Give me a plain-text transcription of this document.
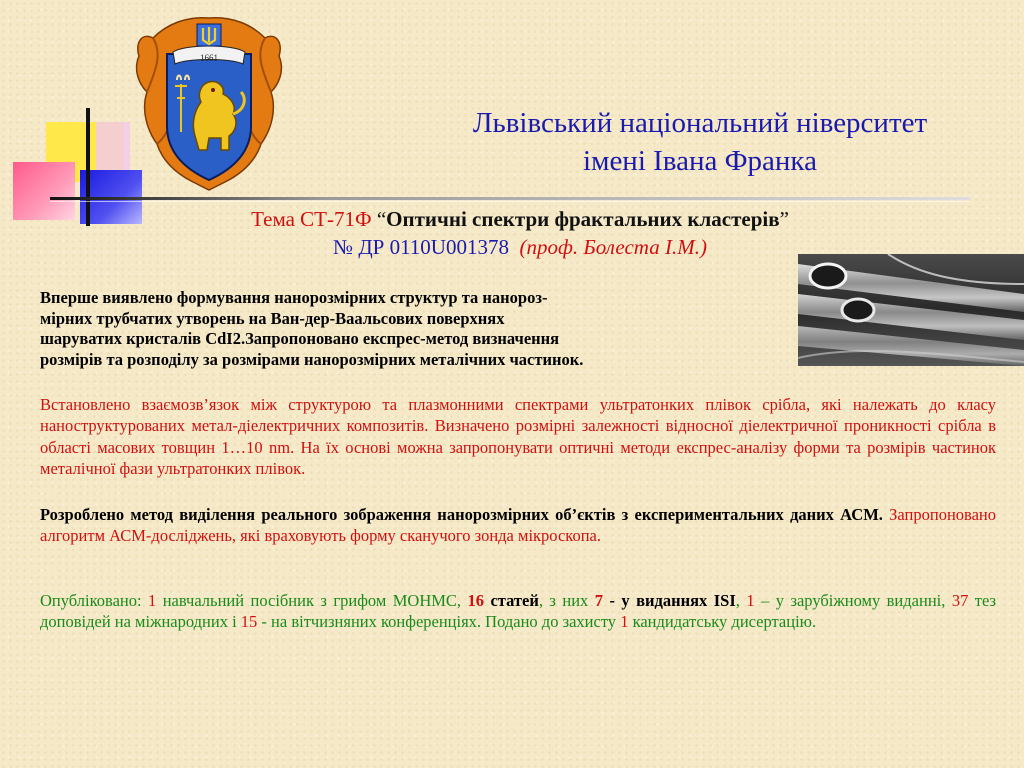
1661
Львівський національний ніверситет
імені Івана Франка
Тема СТ-71Ф “Оптичні спектри фрактальних кластерів”
№ ДР 0110U001378 (проф. Болеста І.М.)
Вперше виявлено формування нанорозмірних структур та нанороз-
мірних трубчатих утворень на Ван-дер-Ваальсових поверхнях
шаруватих кристалів CdI2.Запропоновано експрес-метод визначення
розмірів та розподілу за розмірами нанорозмірних металічних частинок.
Встановлено взаємозв’язок між структурою та плазмонними спектрами ультратонких плівок срібла, які належать до класу наноструктурованих метал-діелектричних композитів. Визначено розмірні залежності відносної діелектричної проникності срібла в області масових товщин 1…10 nm. На їх основі можна запропонувати оптичні методи експрес-аналізу форми та розмірів частинок металічної фази ультратонких плівок.
Розроблено метод виділення реального зображення нанорозмірних об’єктів з експериментальних даних АСМ. Запропоновано алгоритм АСМ-досліджень, які враховують форму сканучого зонда мікроскопа.
Опубліковано: 1 навчальний посібник з грифом МОНМС, 16 статей, з них 7 - у виданнях ISI, 1 – у зарубіжному виданні, 37 тез доповідей на міжнародних і 15 - на вітчизняних конференціях. Подано до захисту 1 кандидатську дисертацію.
